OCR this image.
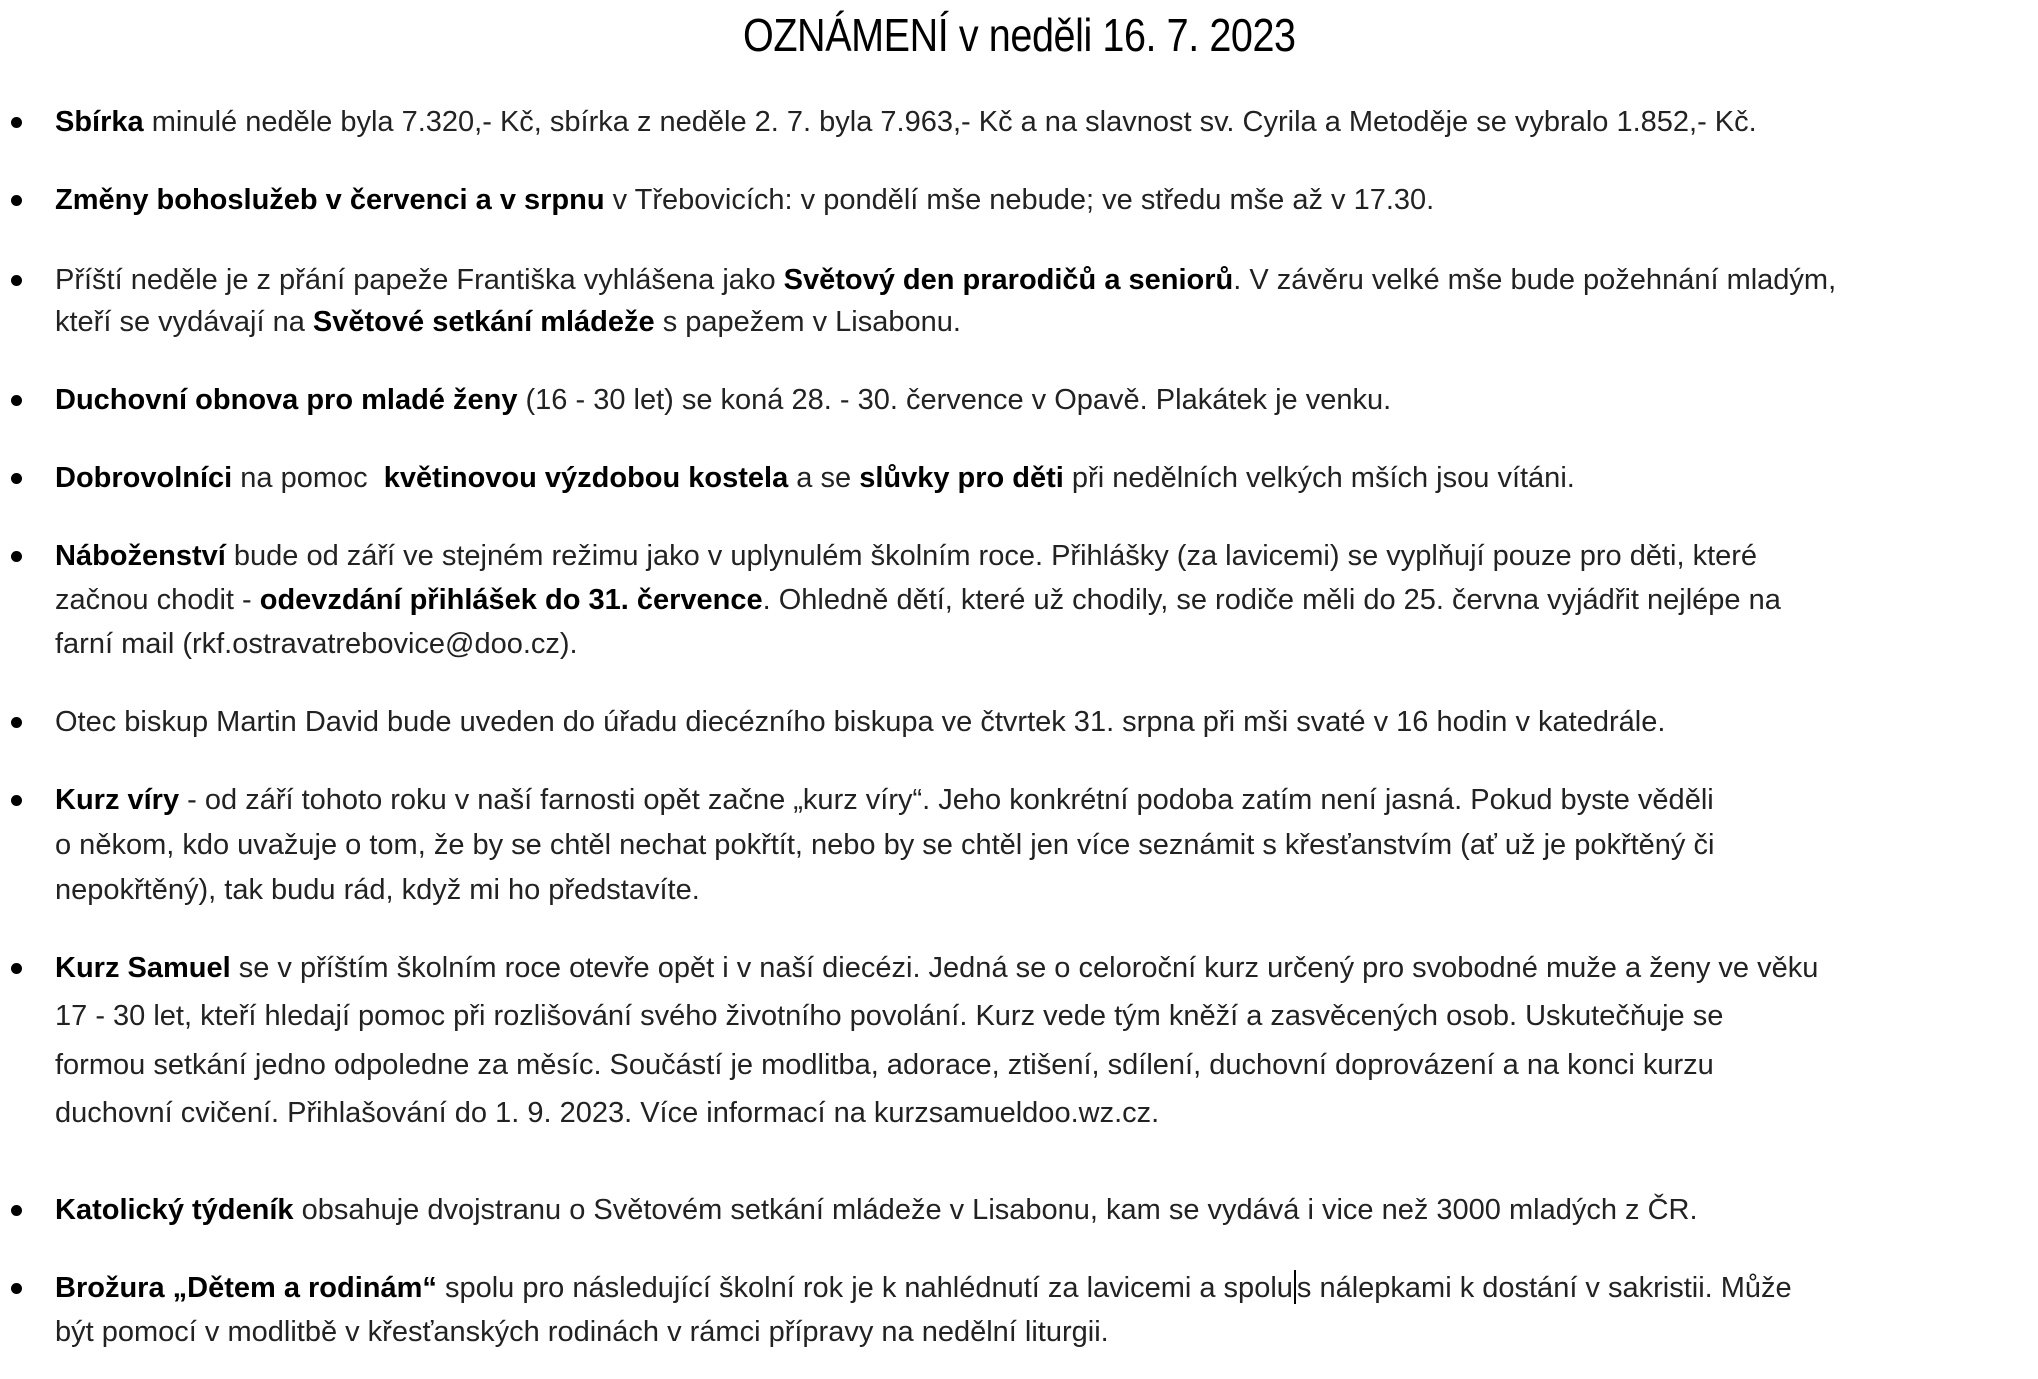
OZNÁMENÍ v neděli 16. 7. 2023
Sbírka minulé neděle byla 7.320,- Kč, sbírka z neděle 2. 7. byla 7.963,- Kč a na slavnost sv. Cyrila a Metoděje se vybralo 1.852,- Kč.
Změny bohoslužeb v červenci a v srpnu v Třebovicích: v pondělí mše nebude; ve středu mše až v 17.30.
Příští neděle je z přání papeže Františka vyhlášena jako Světový den prarodičů a seniorů. V závěru velké mše bude požehnání mladým,
kteří se vydávají na Světové setkání mládeže s papežem v Lisabonu.
Duchovní obnova pro mladé ženy (16 - 30 let) se koná 28. - 30. července v Opavě. Plakátek je venku.
Dobrovolníci na pomoc  květinovou výzdobou kostela a se slůvky pro děti při nedělních velkých mších jsou vítáni.
Náboženství bude od září ve stejném režimu jako v uplynulém školním roce. Přihlášky (za lavicemi) se vyplňují pouze pro děti, které
začnou chodit - odevzdání přihlášek do 31. července. Ohledně dětí, které už chodily, se rodiče měli do 25. června vyjádřit nejlépe na
farní mail (rkf.ostravatrebovice@doo.cz).
Otec biskup Martin David bude uveden do úřadu diecézního biskupa ve čtvrtek 31. srpna při mši svaté v 16 hodin v katedrále.
Kurz víry - od září tohoto roku v naší farnosti opět začne „kurz víry“. Jeho konkrétní podoba zatím není jasná. Pokud byste věděli
o někom, kdo uvažuje o tom, že by se chtěl nechat pokřtít, nebo by se chtěl jen více seznámit s křesťanstvím (ať už je pokřtěný či
nepokřtěný), tak budu rád, když mi ho představíte.
Kurz Samuel se v příštím školním roce otevře opět i v naší diecézi. Jedná se o celoroční kurz určený pro svobodné muže a ženy ve věku
17 - 30 let, kteří hledají pomoc při rozlišování svého životního povolání. Kurz vede tým kněží a zasvěcených osob. Uskutečňuje se
formou setkání jedno odpoledne za měsíc. Součástí je modlitba, adorace, ztišení, sdílení, duchovní doprovázení a na konci kurzu
duchovní cvičení. Přihlašování do 1. 9. 2023. Více informací na kurzsamueldoo.wz.cz.
Katolický týdeník obsahuje dvojstranu o Světovém setkání mládeže v Lisabonu, kam se vydává i vice než 3000 mladých z ČR.
Brožura „Dětem a rodinám“ spolu pro následující školní rok je k nahlédnutí za lavicemi a spolu s nálepkami k dostání v sakristii. Může
být pomocí v modlitbě v křesťanských rodinách v rámci přípravy na nedělní liturgii.
